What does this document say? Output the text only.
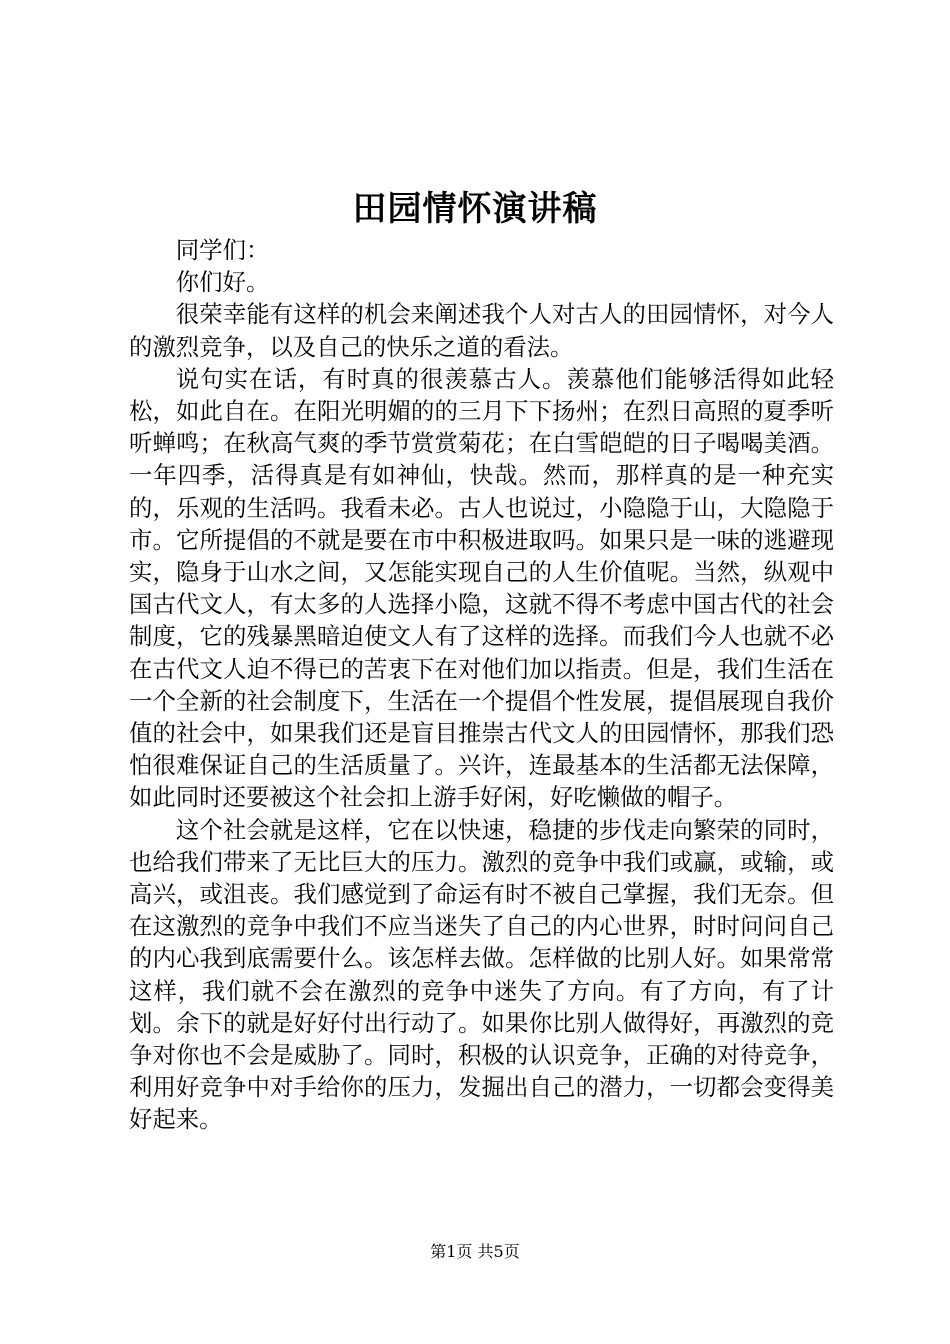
田园情怀演讲稿

同学们：

你们好。

很荣幸能有这样的机会来阐述我个人对古人的田园情怀，对今人的激烈竞争，以及自己的快乐之道的看法。

说句实在话，有时真的很羡慕古人。羡慕他们能够活得如此轻松，如此自在。在阳光明媚的的三月下下扬州；在烈日高照的夏季听听蝉鸣；在秋高气爽的季节赏赏菊花；在白雪皑皑的日子喝喝美酒。一年四季，活得真是有如神仙，快哉。然而，那样真的是一种充实的，乐观的生活吗。我看未必。古人也说过，小隐隐于山，大隐隐于市。它所提倡的不就是要在市中积极进取吗。如果只是一味的逃避现实，隐身于山水之间，又怎能实现自己的人生价值呢。当然，纵观中国古代文人，有太多的人选择小隐，这就不得不考虑中国古代的社会制度，它的残暴黑暗迫使文人有了这样的选择。而我们今人也就不必在古代文人迫不得已的苦衷下在对他们加以指责。但是，我们生活在一个全新的社会制度下，生活在一个提倡个性发展，提倡展现自我价值的社会中，如果我们还是盲目推崇古代文人的田园情怀，那我们恐怕很难保证自己的生活质量了。兴许，连最基本的生活都无法保障，如此同时还要被这个社会扣上游手好闲，好吃懒做的帽子。

这个社会就是这样，它在以快速，稳捷的步伐走向繁荣的同时，也给我们带来了无比巨大的压力。激烈的竞争中我们或赢，或输，或高兴，或沮丧。我们感觉到了命运有时不被自己掌握，我们无奈。但在这激烈的竞争中我们不应当迷失了自己的内心世界，时时问问自己的内心我到底需要什么。该怎样去做。怎样做的比别人好。如果常常这样，我们就不会在激烈的竞争中迷失了方向。有了方向，有了计划。余下的就是好好付出行动了。如果你比别人做得好，再激烈的竞争对你也不会是威胁了。同时，积极的认识竞争，正确的对待竞争，利用好竞争中对手给你的压力，发掘出自己的潜力，一切都会变得美好起来。

第1页 共5页
